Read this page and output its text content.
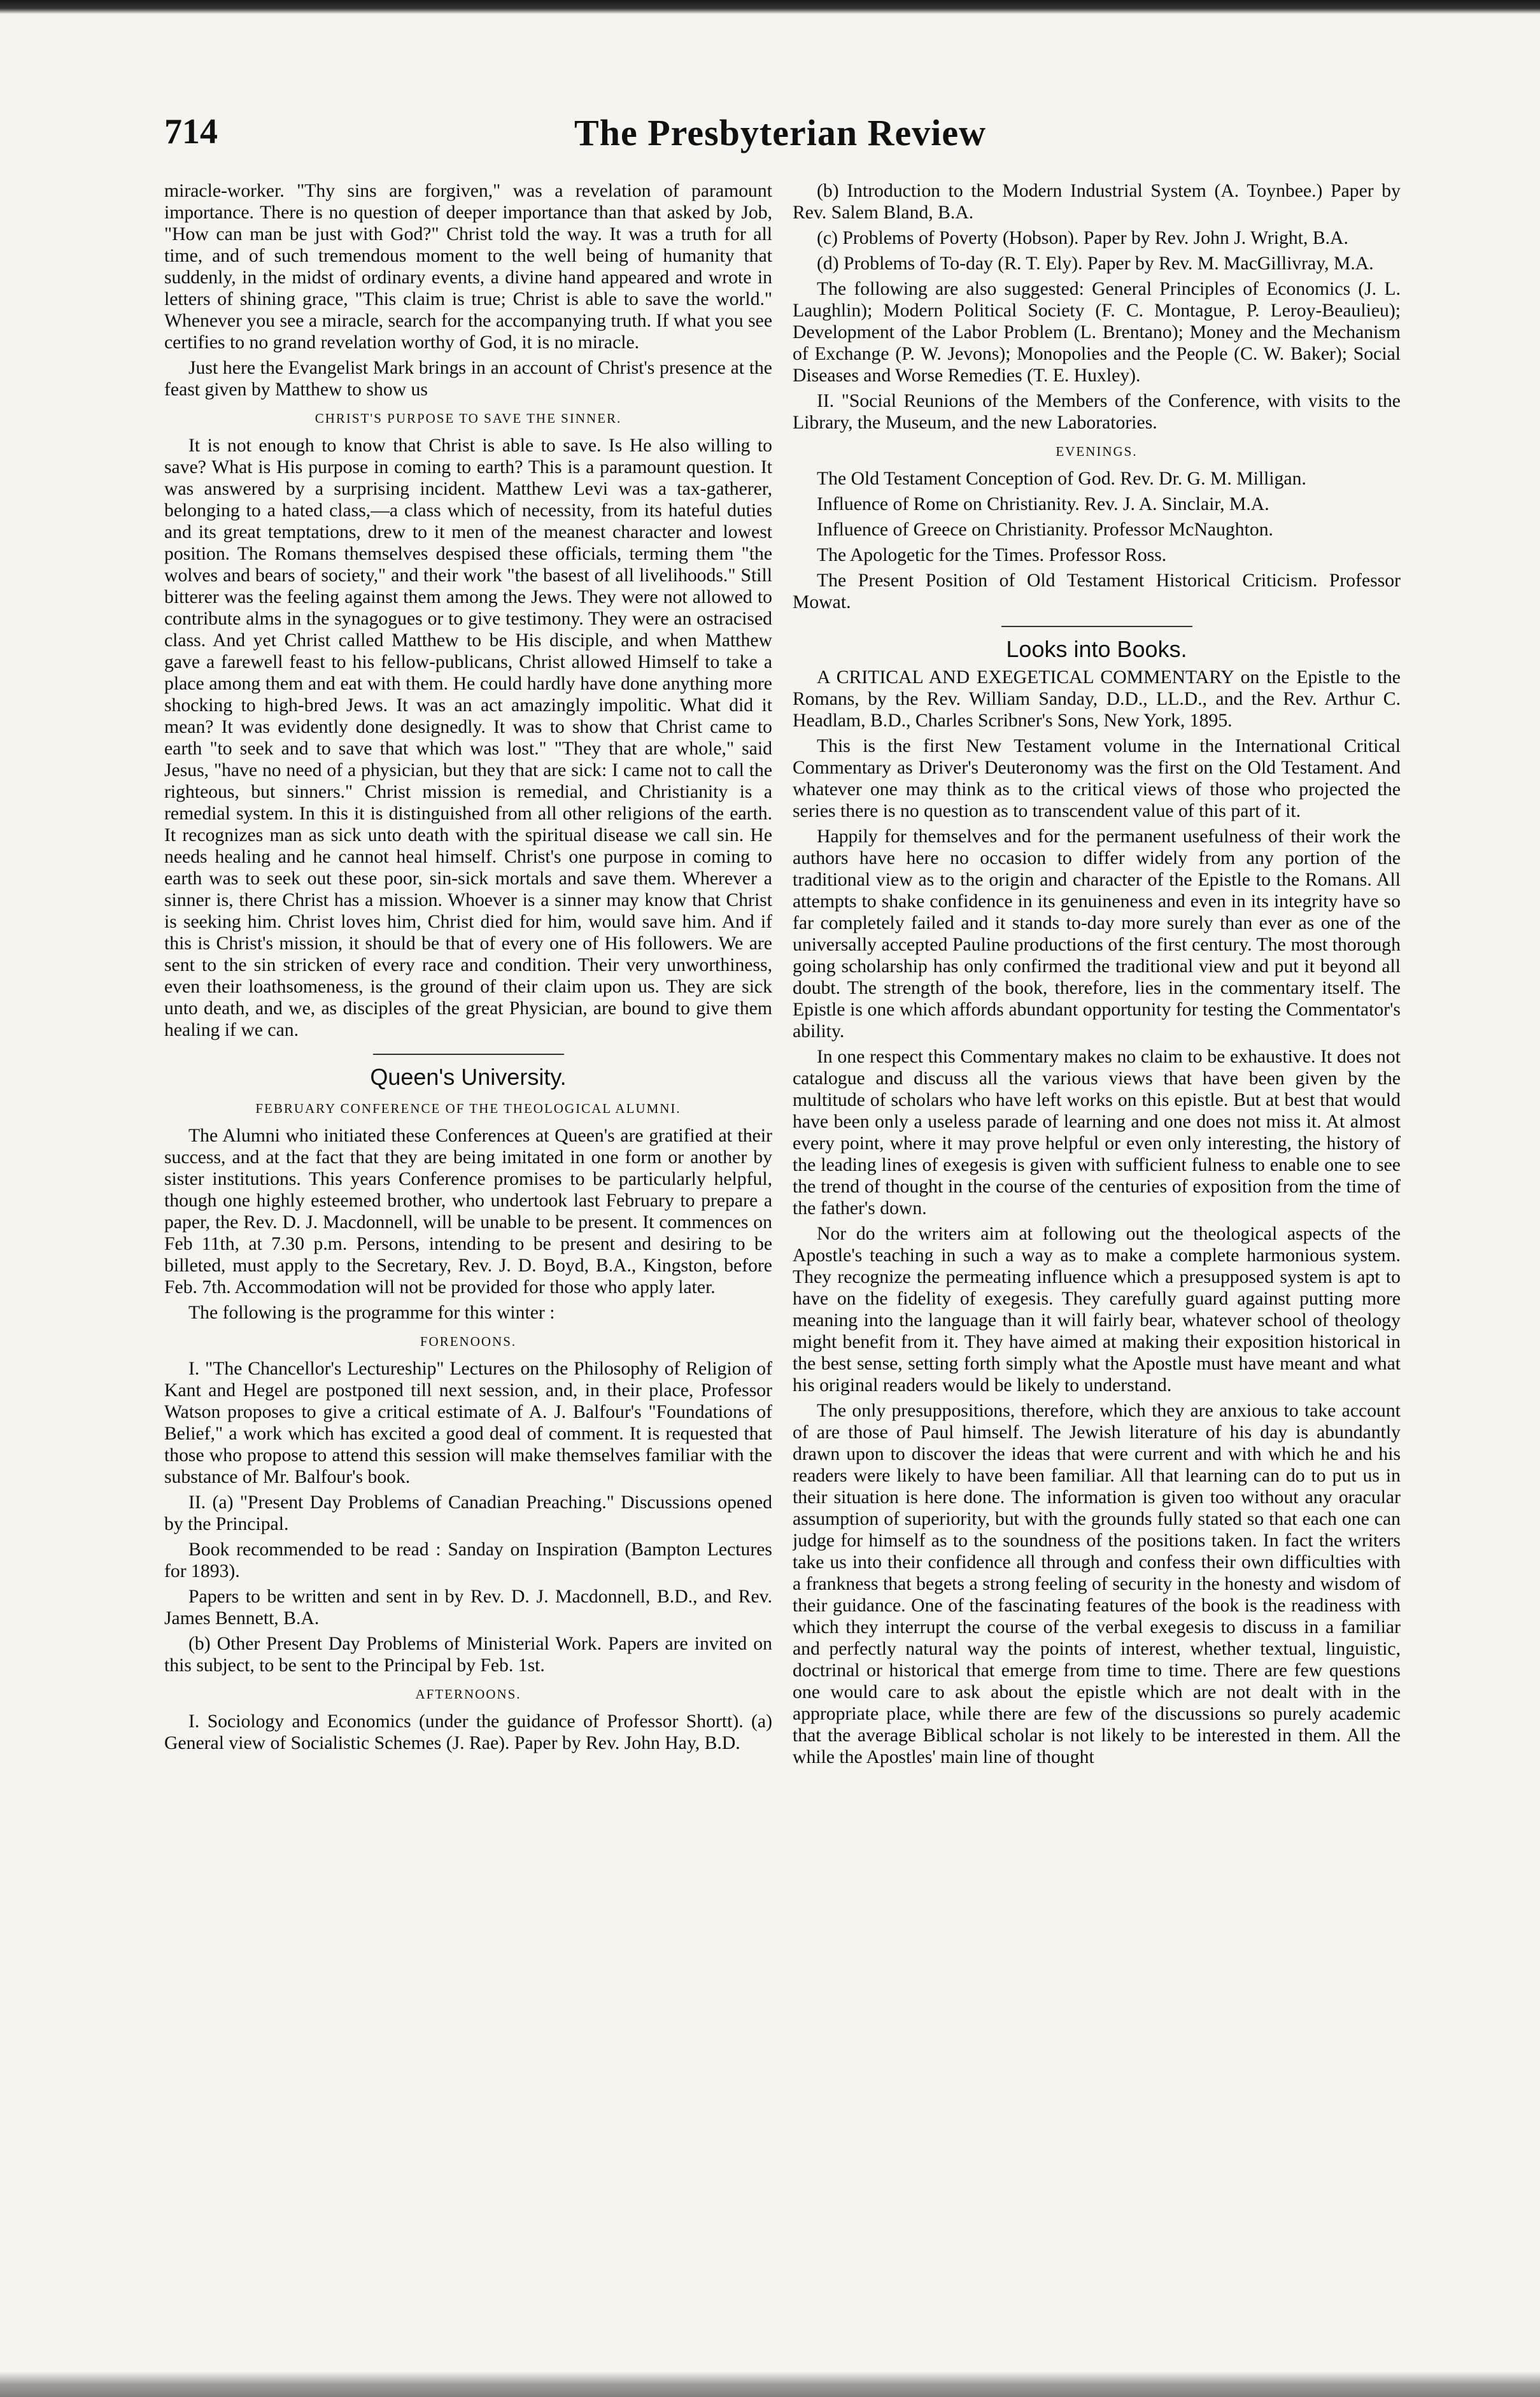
The Presbyterian Review
714

miracle-worker. "Thy sins are forgiven," was a revelation of paramount importance. There is no question of deeper importance than that asked by Job, "How can man be just with God?" Christ told the way. It was a truth for all time, and of such tremendous moment to the well being of humanity that suddenly, in the midst of ordinary events, a divine hand appeared and wrote in letters of shining grace, "This claim is true; Christ is able to save the world." Whenever you see a miracle, search for the accompanying truth. If what you see certifies to no grand revelation worthy of God, it is no miracle.

Just here the Evangelist Mark brings in an account of Christ's presence at the feast given by Matthew to show us

CHRIST'S PURPOSE TO SAVE THE SINNER.

It is not enough to know that Christ is able to save. Is He also willing to save? What is His purpose in coming to earth? This is a paramount question. It was answered by a surprising incident. Matthew Levi was a tax-gatherer, belonging to a hated class,—a class which of necessity, from its hateful duties and its great temptations, drew to it men of the meanest character and lowest position. The Romans themselves despised these officials, terming them "the wolves and bears of society," and their work "the basest of all livelihoods." Still bitterer was the feeling against them among the Jews. They were not allowed to contribute alms in the synagogues or to give testimony. They were an ostracised class. And yet Christ called Matthew to be His disciple, and when Matthew gave a farewell feast to his fellow-publicans, Christ allowed Himself to take a place among them and eat with them. He could hardly have done anything more shocking to high-bred Jews. It was an act amazingly impolitic. What did it mean? It was evidently done designedly. It was to show that Christ came to earth "to seek and to save that which was lost." "They that are whole," said Jesus, "have no need of a physician, but they that are sick: I came not to call the righteous, but sinners." Christ mission is remedial, and Christianity is a remedial system. In this it is distinguished from all other religions of the earth. It recognizes man as sick unto death with the spiritual disease we call sin. He needs healing and he cannot heal himself. Christ's one purpose in coming to earth was to seek out these poor, sin-sick mortals and save them. Wherever a sinner is, there Christ has a mission. Whoever is a sinner may know that Christ is seeking him. Christ loves him, Christ died for him, would save him. And if this is Christ's mission, it should be that of every one of His followers. We are sent to the sin stricken of every race and condition. Their very unworthiness, even their loathsomeness, is the ground of their claim upon us. They are sick unto death, and we, as disciples of the great Physician, are bound to give them healing if we can.

Queen's University.
FEBRUARY CONFERENCE OF THE THEOLOGICAL ALUMNI.

The Alumni who initiated these Conferences at Queen's are gratified at their success, and at the fact that they are being imitated in one form or another by sister institutions. This years Conference promises to be particularly helpful, though one highly esteemed brother, who undertook last February to prepare a paper, the Rev. D. J. Macdonnell, will be unable to be present. It commences on Feb 11th, at 7.30 p.m. Persons, intending to be present and desiring to be billeted, must apply to the Secretary, Rev. J. D. Boyd, B.A., Kingston, before Feb. 7th. Accommodation will not be provided for those who apply later.

The following is the programme for this winter :

FORENOONS.

I. "The Chancellor's Lectureship" Lectures on the Philosophy of Religion of Kant and Hegel are postponed till next session, and, in their place, Professor Watson proposes to give a critical estimate of A. J. Balfour's "Foundations of Belief," a work which has excited a good deal of comment. It is requested that those who propose to attend this session will make themselves familiar with the substance of Mr. Balfour's book.

II. (a) "Present Day Problems of Canadian Preaching." Discussions opened by the Principal.

Book recommended to be read : Sanday on Inspiration (Bampton Lectures for 1893).

Papers to be written and sent in by Rev. D. J. Macdonnell, B.D., and Rev. James Bennett, B.A.

(b) Other Present Day Problems of Ministerial Work. Papers are invited on this subject, to be sent to the Principal by Feb. 1st.

AFTERNOONS.

I. Sociology and Economics (under the guidance of Professor Shortt). (a) General view of Socialistic Schemes (J. Rae). Paper by Rev. John Hay, B.D.

(b) Introduction to the Modern Industrial System (A. Toynbee.) Paper by Rev. Salem Bland, B.A.

(c) Problems of Poverty (Hobson). Paper by Rev. John J. Wright, B.A.

(d) Problems of To-day (R. T. Ely). Paper by Rev. M. MacGillivray, M.A.

The following are also suggested: General Principles of Economics (J. L. Laughlin); Modern Political Society (F. C. Montague, P. Leroy-Beaulieu); Development of the Labor Problem (L. Brentano); Money and the Mechanism of Exchange (P. W. Jevons); Monopolies and the People (C. W. Baker); Social Diseases and Worse Remedies (T. E. Huxley).

II. "Social Reunions of the Members of the Conference, with visits to the Library, the Museum, and the new Laboratories.

EVENINGS.

The Old Testament Conception of God. Rev. Dr. G. M. Milligan.

Influence of Rome on Christianity. Rev. J. A. Sinclair, M.A.

Influence of Greece on Christianity. Professor McNaughton.

The Apologetic for the Times. Professor Ross.

The Present Position of Old Testament Historical Criticism. Professor Mowat.

Looks into Books.

A CRITICAL AND EXEGETICAL COMMENTARY on the Epistle to the Romans, by the Rev. William Sanday, D.D., LL.D., and the Rev. Arthur C. Headlam, B.D., Charles Scribner's Sons, New York, 1895.

This is the first New Testament volume in the International Critical Commentary as Driver's Deuteronomy was the first on the Old Testament. And whatever one may think as to the critical views of those who projected the series there is no question as to transcendent value of this part of it.

Happily for themselves and for the permanent usefulness of their work the authors have here no occasion to differ widely from any portion of the traditional view as to the origin and character of the Epistle to the Romans. All attempts to shake confidence in its genuineness and even in its integrity have so far completely failed and it stands to-day more surely than ever as one of the universally accepted Pauline productions of the first century. The most thorough going scholarship has only confirmed the traditional view and put it beyond all doubt. The strength of the book, therefore, lies in the commentary itself. The Epistle is one which affords abundant opportunity for testing the Commentator's ability.

In one respect this Commentary makes no claim to be exhaustive. It does not catalogue and discuss all the various views that have been given by the multitude of scholars who have left works on this epistle. But at best that would have been only a useless parade of learning and one does not miss it. At almost every point, where it may prove helpful or even only interesting, the history of the leading lines of exegesis is given with sufficient fulness to enable one to see the trend of thought in the course of the centuries of exposition from the time of the father's down.

Nor do the writers aim at following out the theological aspects of the Apostle's teaching in such a way as to make a complete harmonious system. They recognize the permeating influence which a presupposed system is apt to have on the fidelity of exegesis. They carefully guard against putting more meaning into the language than it will fairly bear, whatever school of theology might benefit from it. They have aimed at making their exposition historical in the best sense, setting forth simply what the Apostle must have meant and what his original readers would be likely to understand.

The only presuppositions, therefore, which they are anxious to take account of are those of Paul himself. The Jewish literature of his day is abundantly drawn upon to discover the ideas that were current and with which he and his readers were likely to have been familiar. All that learning can do to put us in their situation is here done. The information is given too without any oracular assumption of superiority, but with the grounds fully stated so that each one can judge for himself as to the soundness of the positions taken. In fact the writers take us into their confidence all through and confess their own difficulties with a frankness that begets a strong feeling of security in the honesty and wisdom of their guidance. One of the fascinating features of the book is the readiness with which they interrupt the course of the verbal exegesis to discuss in a familiar and perfectly natural way the points of interest, whether textual, linguistic, doctrinal or historical that emerge from time to time. There are few questions one would care to ask about the epistle which are not dealt with in the appropriate place, while there are few of the discussions so purely academic that the average Biblical scholar is not likely to be interested in them. All the while the Apostles' main line of thought
